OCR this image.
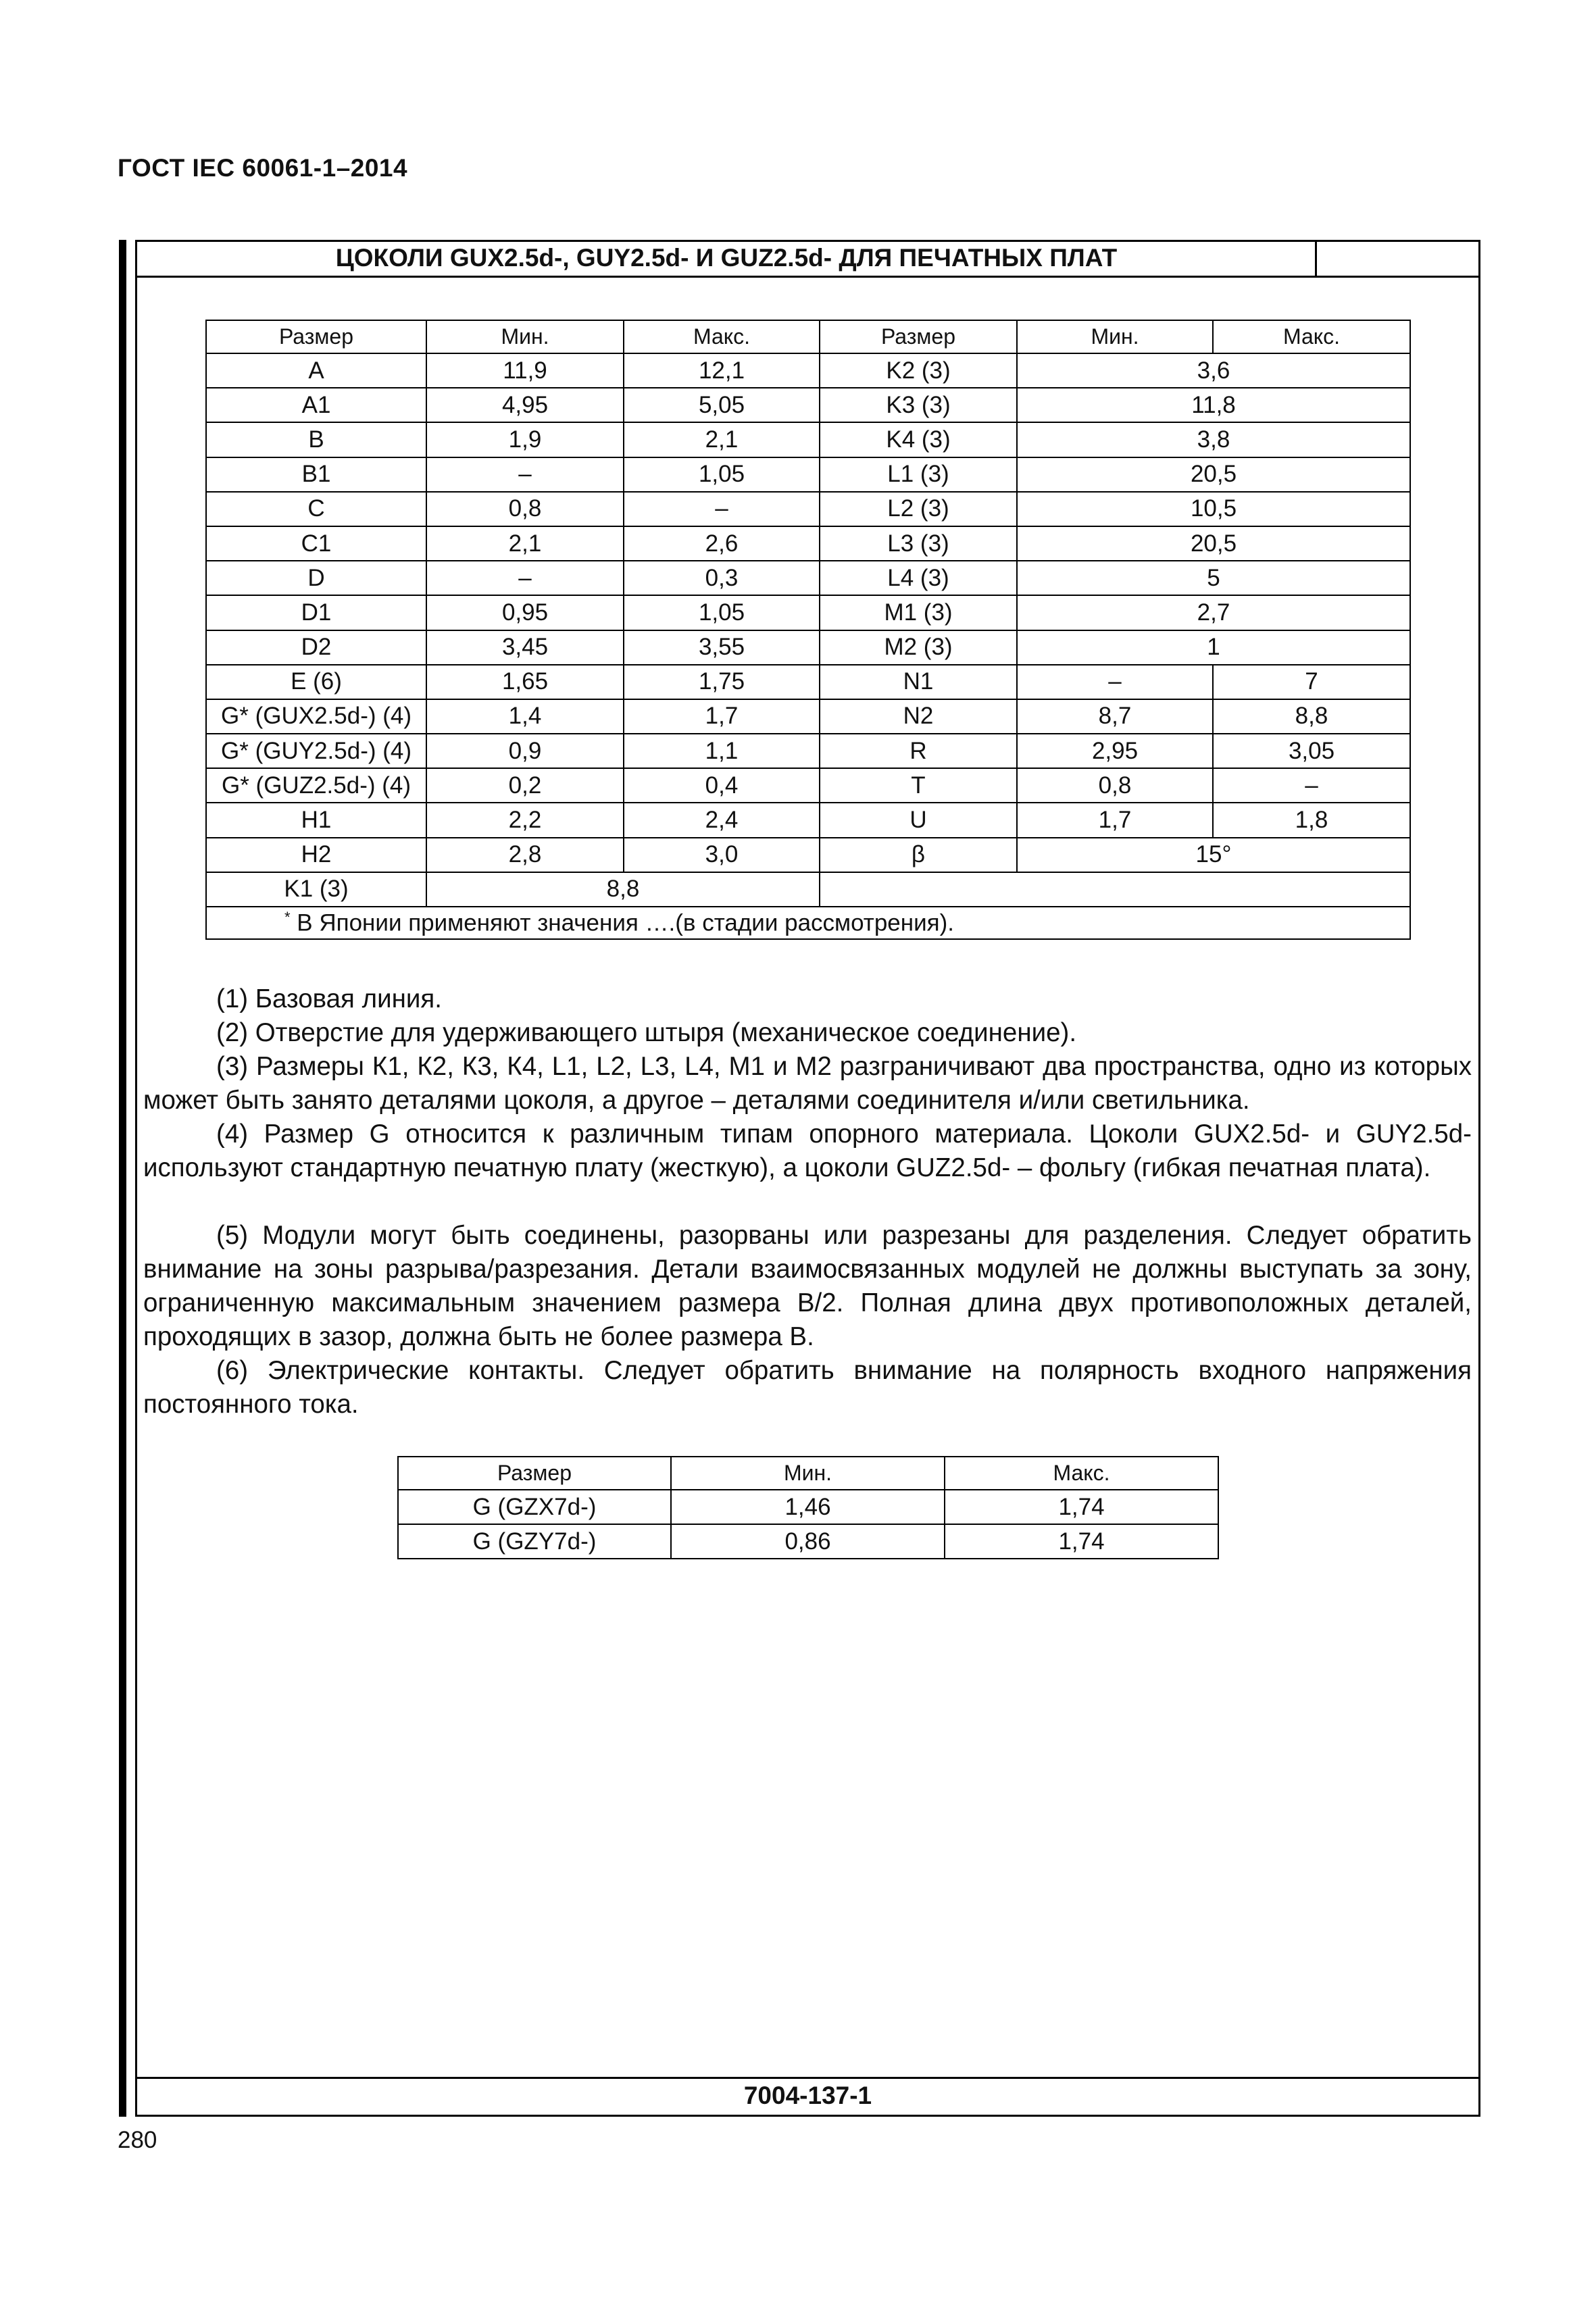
ГОСТ IEC 60061-1–2014
ЦОКОЛИ GUX2.5d-, GUY2.5d- И GUZ2.5d- ДЛЯ ПЕЧАТНЫХ ПЛАТ
Размер	Мин.	Макс.	Размер	Мин.	Макс.
A	11,9	12,1	K2 (3)	3,6	
A1	4,95	5,05	K3 (3)	11,8	
B	1,9	2,1	K4 (3)	3,8	
B1	–	1,05	L1 (3)	20,5	
C	0,8	–	L2 (3)	10,5	
C1	2,1	2,6	L3 (3)	20,5	
D	–	0,3	L4 (3)	5	
D1	0,95	1,05	M1 (3)	2,7	
D2	3,45	3,55	M2 (3)	1	
E (6)	1,65	1,75	N1	–	7
G* (GUX2.5d-) (4)	1,4	1,7	N2	8,7	8,8
G* (GUY2.5d-) (4)	0,9	1,1	R	2,95	3,05
G* (GUZ2.5d-) (4)	0,2	0,4	T	0,8	–
H1	2,2	2,4	U	1,7	1,8
H2	2,8	3,0	β	15°	
K1 (3)	8,8				
* В Японии применяют значения ….(в стадии рассмотрения).					
(1) Базовая линия.
(2) Отверстие для удерживающего штыря (механическое соединение).
(3) Размеры К1, К2, К3, К4, L1, L2, L3, L4, M1 и M2 разграничивают два пространства, одно из которых может быть занято деталями цоколя, а другое – деталями соединителя и/или светильника.
(4) Размер G относится к различным типам опорного материала. Цоколи GUX2.5d- и GUY2.5d- используют стандартную печатную плату (жесткую), а цоколи GUZ2.5d- – фольгу (гибкая печатная плата).
(5) Модули могут быть соединены, разорваны или разрезаны для разделения. Следует обратить внимание на зоны разрыва/разрезания. Детали взаимосвязанных модулей не должны выступать за зону, ограниченную максимальным значением размера B/2. Полная длина двух противоположных деталей, проходящих в зазор, должна быть не более размера B.
(6) Электрические контакты. Следует обратить внимание на полярность входного напряжения постоянного тока.
Размер	Мин.	Макс.
G (GZX7d-)	1,46	1,74
G (GZY7d-)	0,86	1,74
7004-137-1
280
